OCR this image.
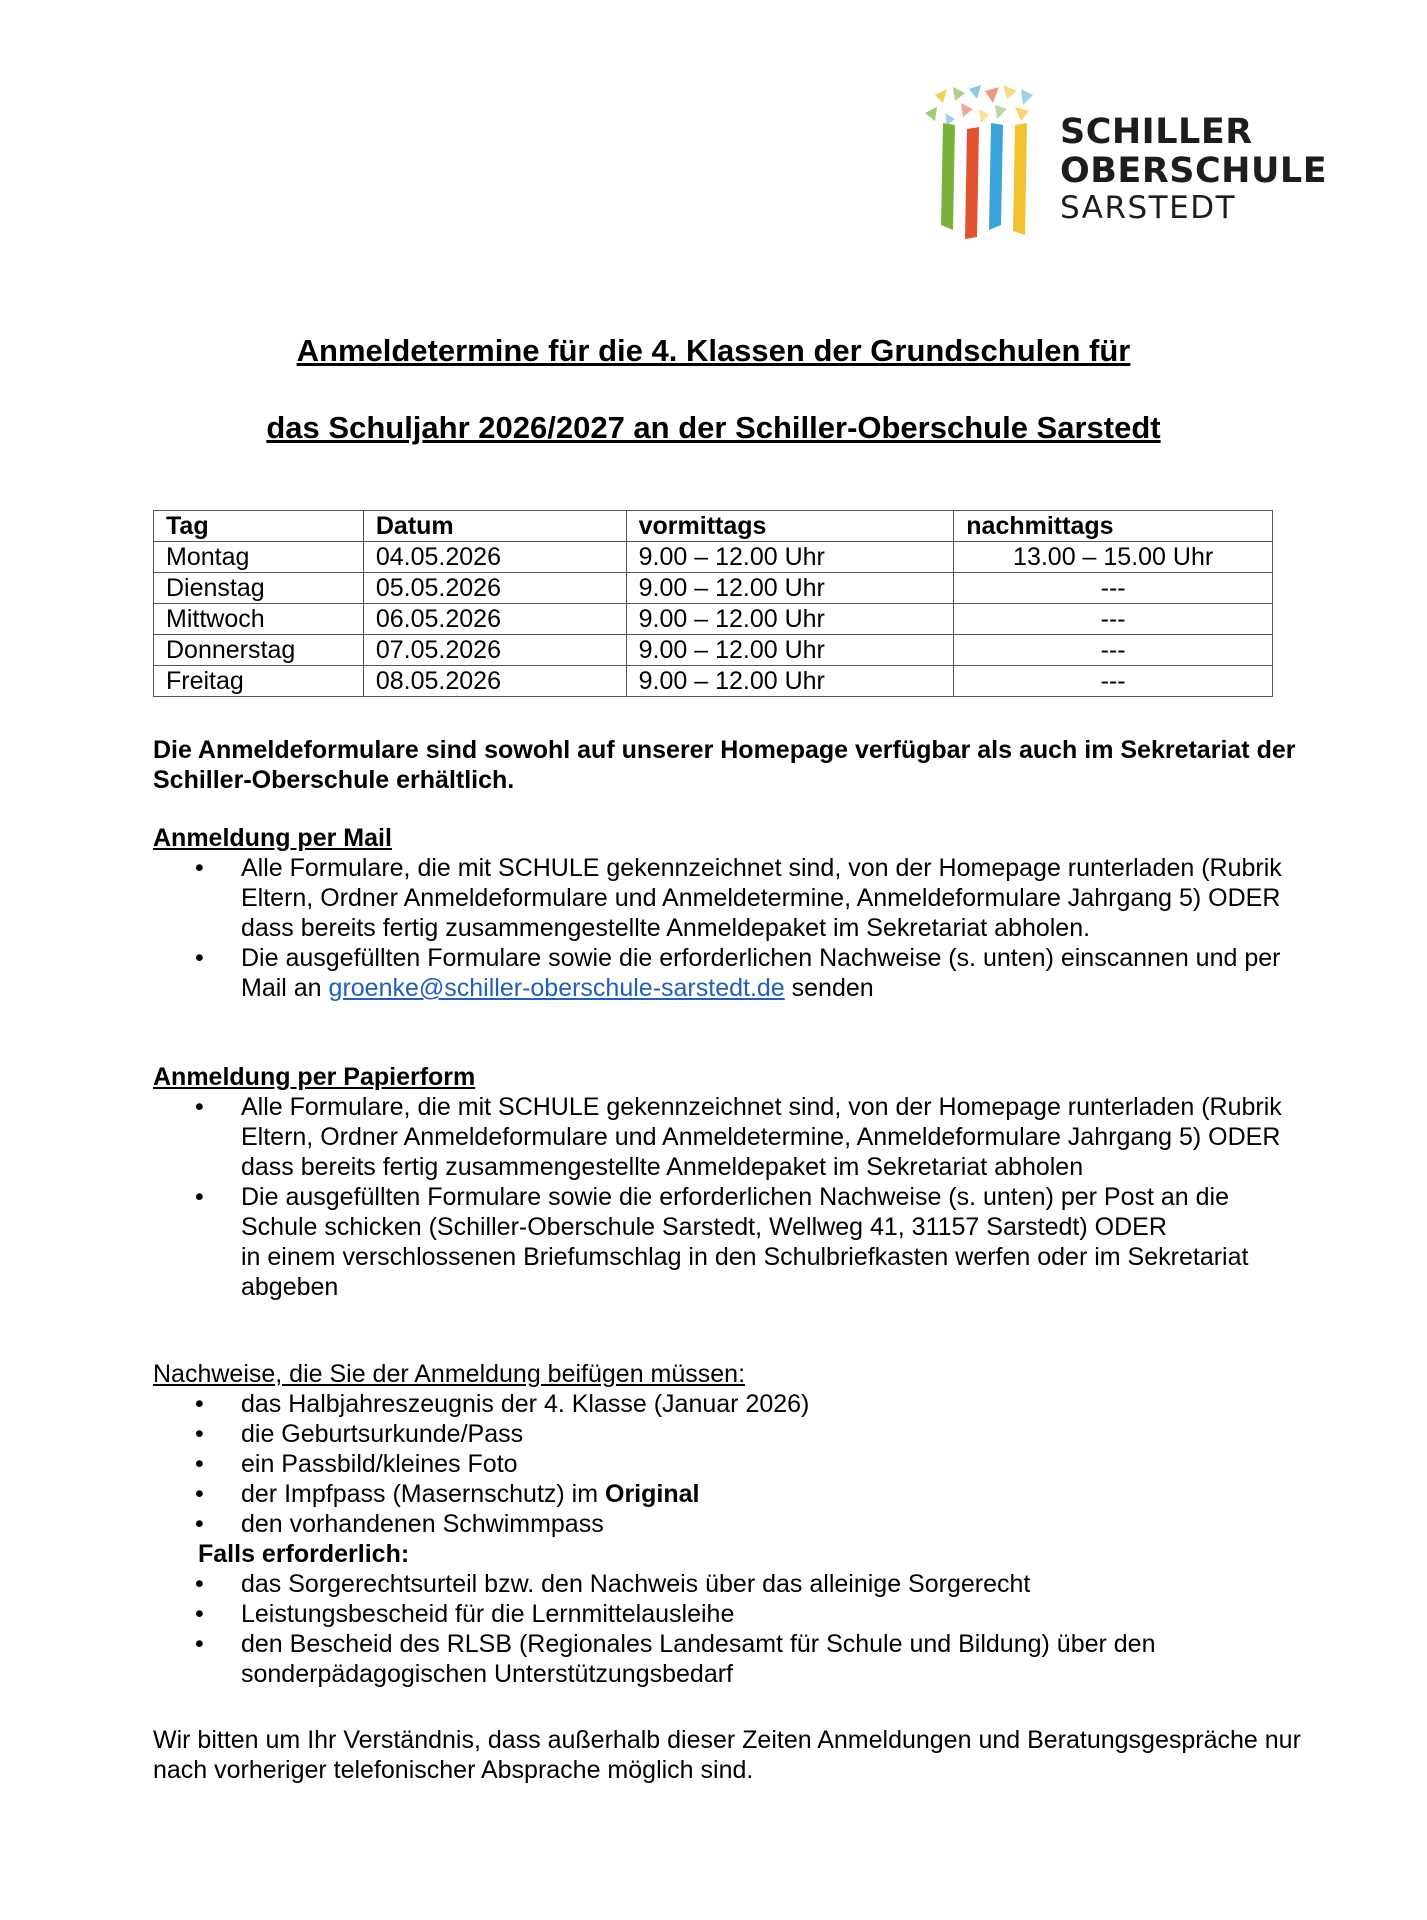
SCHILLER
OBERSCHULE
SARSTEDT
Anmeldetermine für die 4. Klassen der Grundschulen für
das Schuljahr 2026/2027 an der Schiller-Oberschule Sarstedt
Tag	Datum	vormittags	nachmittags
Montag	04.05.2026	9.00 – 12.00 Uhr	13.00 – 15.00 Uhr
Dienstag	05.05.2026	9.00 – 12.00 Uhr	---
Mittwoch	06.05.2026	9.00 – 12.00 Uhr	---
Donnerstag	07.05.2026	9.00 – 12.00 Uhr	---
Freitag	08.05.2026	9.00 – 12.00 Uhr	---
Die Anmeldeformulare sind sowohl auf unserer Homepage verfügbar als auch im Sekretariat der Schiller-Oberschule erhältlich.
Anmeldung per Mail
• Alle Formulare, die mit SCHULE gekennzeichnet sind, von der Homepage runterladen (Rubrik Eltern, Ordner Anmeldeformulare und Anmeldetermine, Anmeldeformulare Jahrgang 5) ODER
dass bereits fertig zusammengestellte Anmeldepaket im Sekretariat abholen.
• Die ausgefüllten Formulare sowie die erforderlichen Nachweise (s. unten) einscannen und per Mail an groenke@schiller-oberschule-sarstedt.de senden
Anmeldung per Papierform
• Alle Formulare, die mit SCHULE gekennzeichnet sind, von der Homepage runterladen (Rubrik Eltern, Ordner Anmeldeformulare und Anmeldetermine, Anmeldeformulare Jahrgang 5) ODER
dass bereits fertig zusammengestellte Anmeldepaket im Sekretariat abholen
• Die ausgefüllten Formulare sowie die erforderlichen Nachweise (s. unten) per Post an die Schule schicken (Schiller-Oberschule Sarstedt, Wellweg 41, 31157 Sarstedt) ODER
in einem verschlossenen Briefumschlag in den Schulbriefkasten werfen oder im Sekretariat abgeben
Nachweise, die Sie der Anmeldung beifügen müssen:
• das Halbjahreszeugnis der 4. Klasse (Januar 2026)
• die Geburtsurkunde/Pass
• ein Passbild/kleines Foto
• der Impfpass (Masernschutz) im Original
• den vorhandenen Schwimmpass
Falls erforderlich:
• das Sorgerechtsurteil bzw. den Nachweis über das alleinige Sorgerecht
• Leistungsbescheid für die Lernmittelausleihe
• den Bescheid des RLSB (Regionales Landesamt für Schule und Bildung) über den sonderpädagogischen Unterstützungsbedarf
Wir bitten um Ihr Verständnis, dass außerhalb dieser Zeiten Anmeldungen und Beratungsgespräche nur nach vorheriger telefonischer Absprache möglich sind.
